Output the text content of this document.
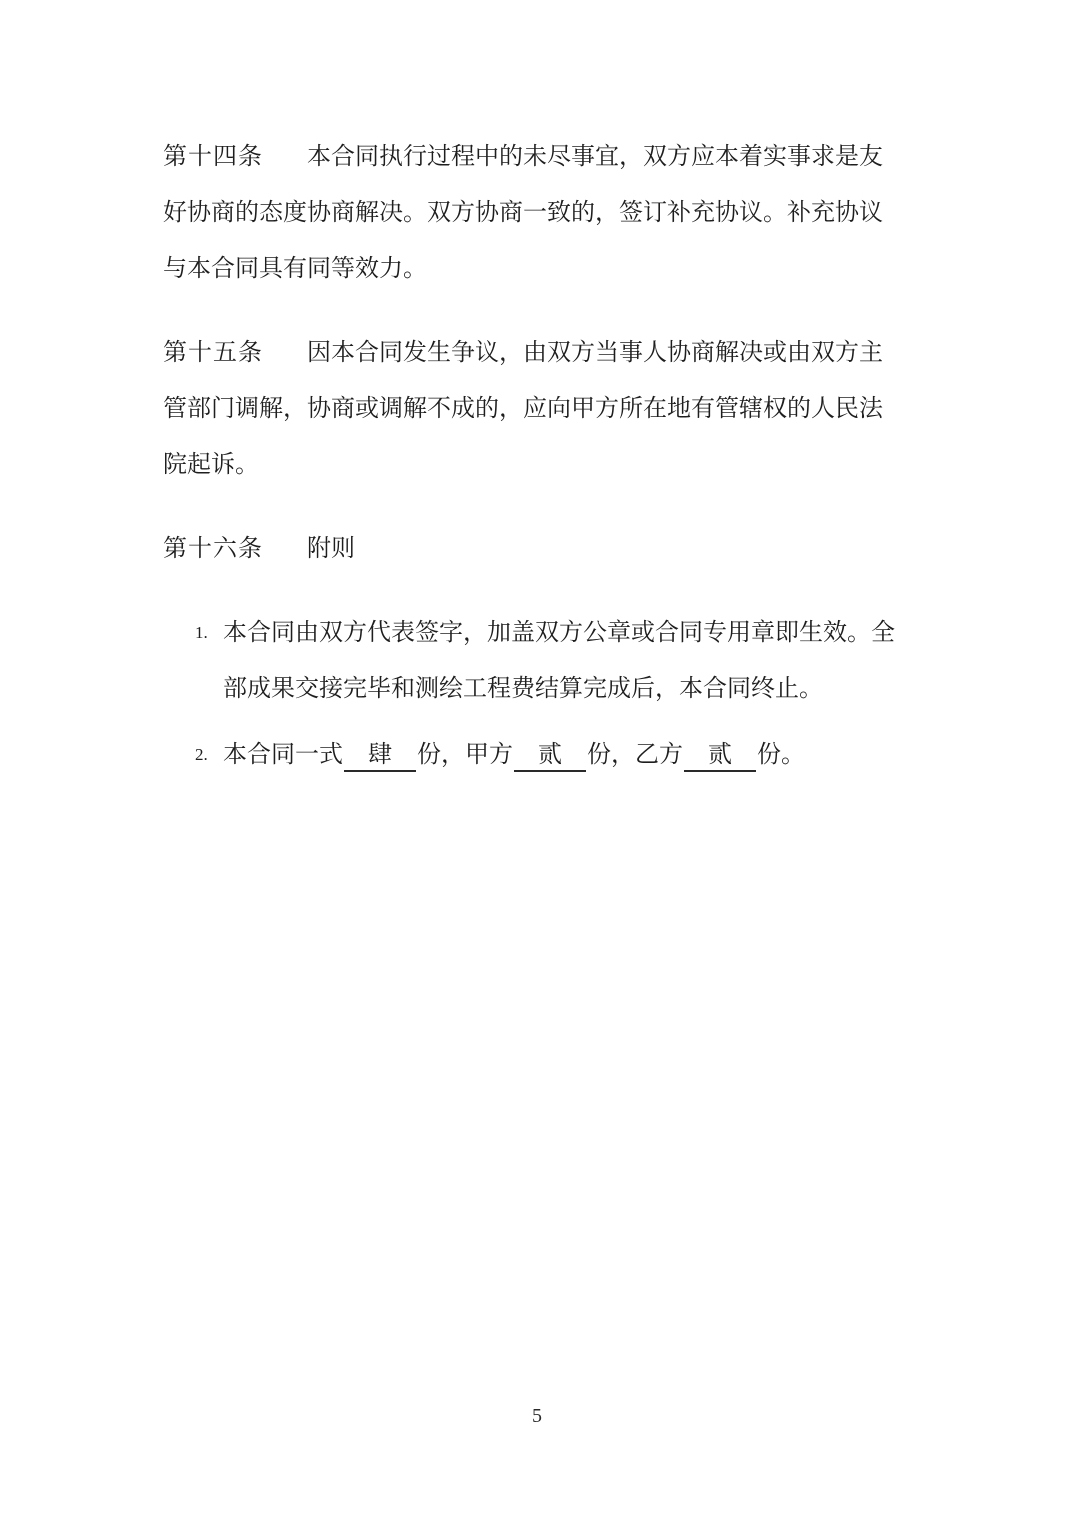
第十四条 本合同执行过程中的未尽事宜，双方应本着实事求是友
好协商的态度协商解决。双方协商一致的，签订补充协议。补充协议
与本合同具有同等效力。

第十五条 因本合同发生争议，由双方当事人协商解决或由双方主
管部门调解，协商或调解不成的，应向甲方所在地有管辖权的人民法
院起诉。

第十六条 附则

1. 本合同由双方代表签字，加盖双方公章或合同专用章即生效。全
部成果交接完毕和测绘工程费结算完成后，本合同终止。
2. 本合同一式 肆 份，甲方 贰 份，乙方 贰 份。
5
